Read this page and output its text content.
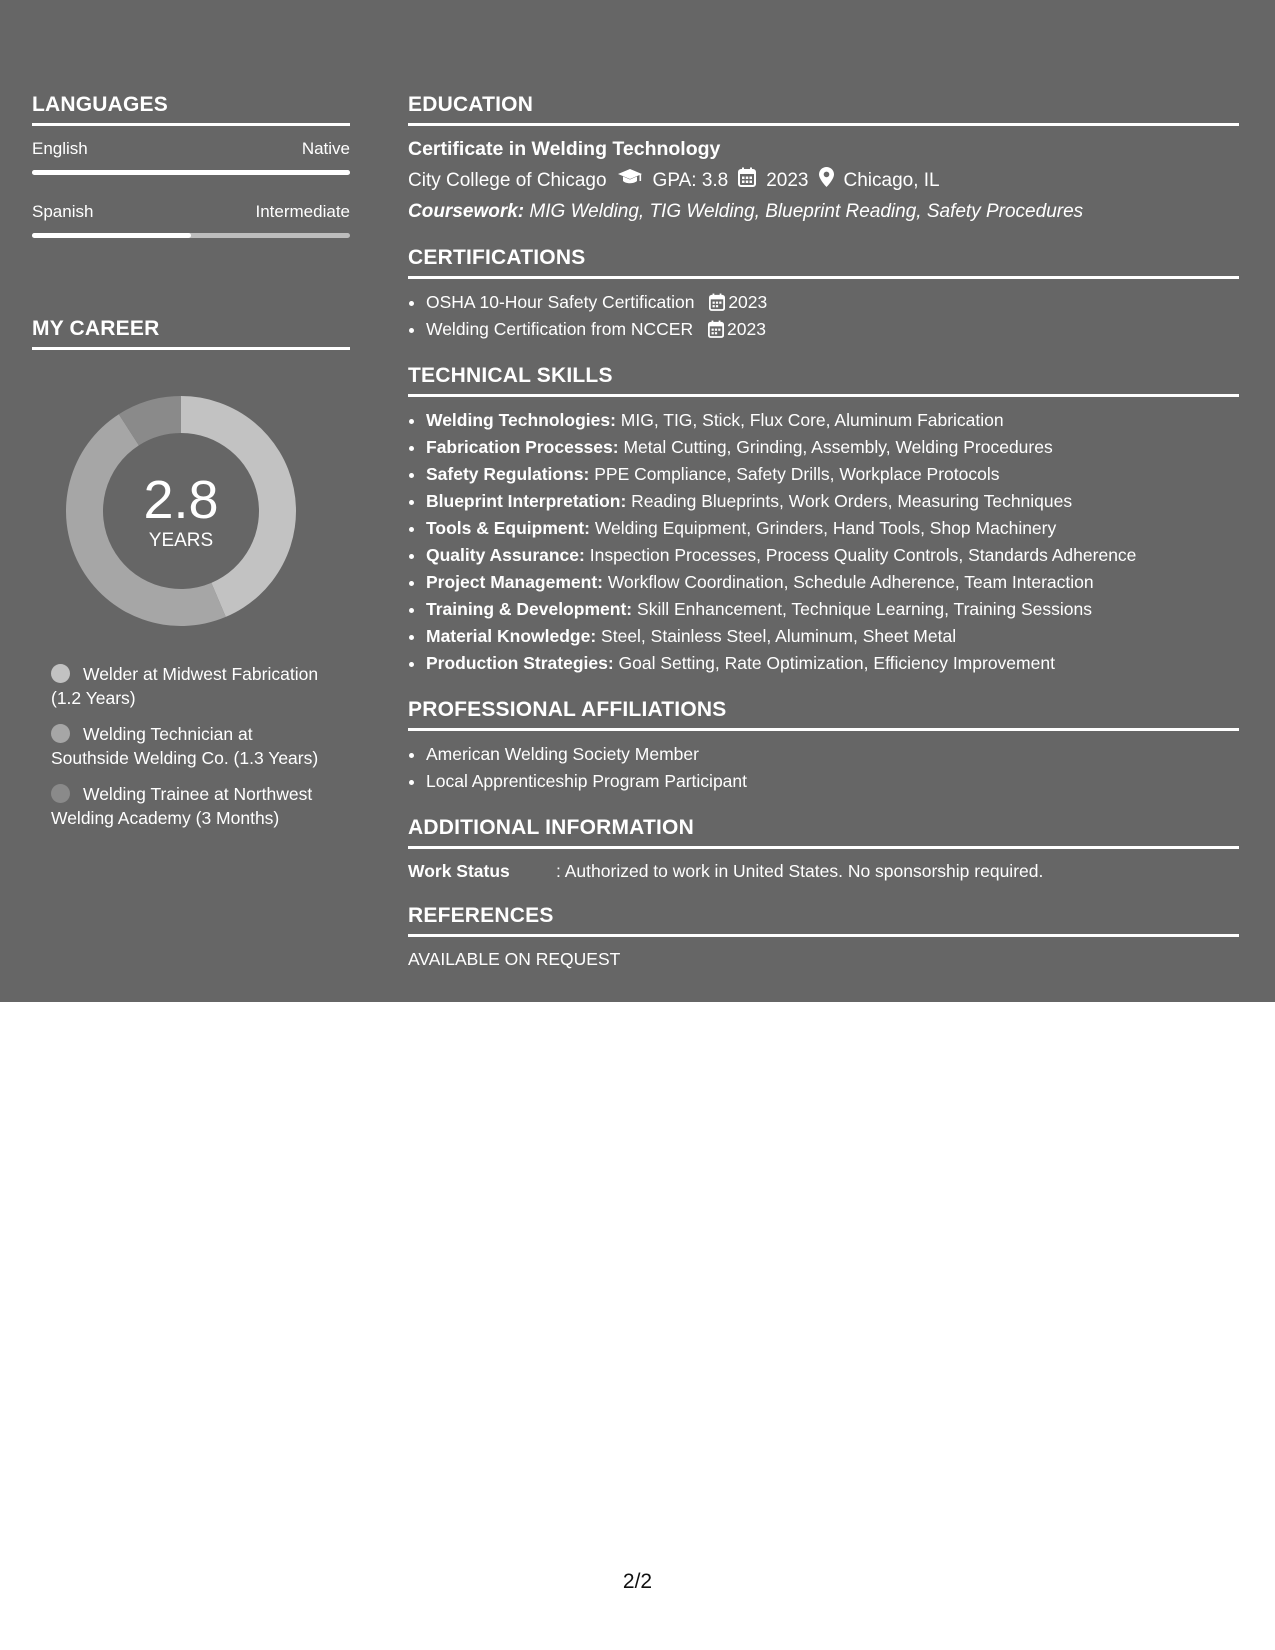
LANGUAGES
English	Native
Spanish	Intermediate
MY CAREER
2.8
YEARS
Welder at Midwest Fabrication (1.2 Years)
Welding Technician at Southside Welding Co. (1.3 Years)
Welding Trainee at Northwest Welding Academy (3 Months)
EDUCATION
Certificate in Welding Technology
City College of Chicago GPA: 3.8 2023 Chicago, IL
Coursework: MIG Welding, TIG Welding, Blueprint Reading, Safety Procedures
CERTIFICATIONS
• OSHA 10-Hour Safety Certification 2023
• Welding Certification from NCCER 2023
TECHNICAL SKILLS
• Welding Technologies: MIG, TIG, Stick, Flux Core, Aluminum Fabrication
• Fabrication Processes: Metal Cutting, Grinding, Assembly, Welding Procedures
• Safety Regulations: PPE Compliance, Safety Drills, Workplace Protocols
• Blueprint Interpretation: Reading Blueprints, Work Orders, Measuring Techniques
• Tools & Equipment: Welding Equipment, Grinders, Hand Tools, Shop Machinery
• Quality Assurance: Inspection Processes, Process Quality Controls, Standards Adherence
• Project Management: Workflow Coordination, Schedule Adherence, Team Interaction
• Training & Development: Skill Enhancement, Technique Learning, Training Sessions
• Material Knowledge: Steel, Stainless Steel, Aluminum, Sheet Metal
• Production Strategies: Goal Setting, Rate Optimization, Efficiency Improvement
PROFESSIONAL AFFILIATIONS
• American Welding Society Member
• Local Apprenticeship Program Participant
ADDITIONAL INFORMATION
Work Status	: Authorized to work in United States. No sponsorship required.
REFERENCES
AVAILABLE ON REQUEST
2/2
